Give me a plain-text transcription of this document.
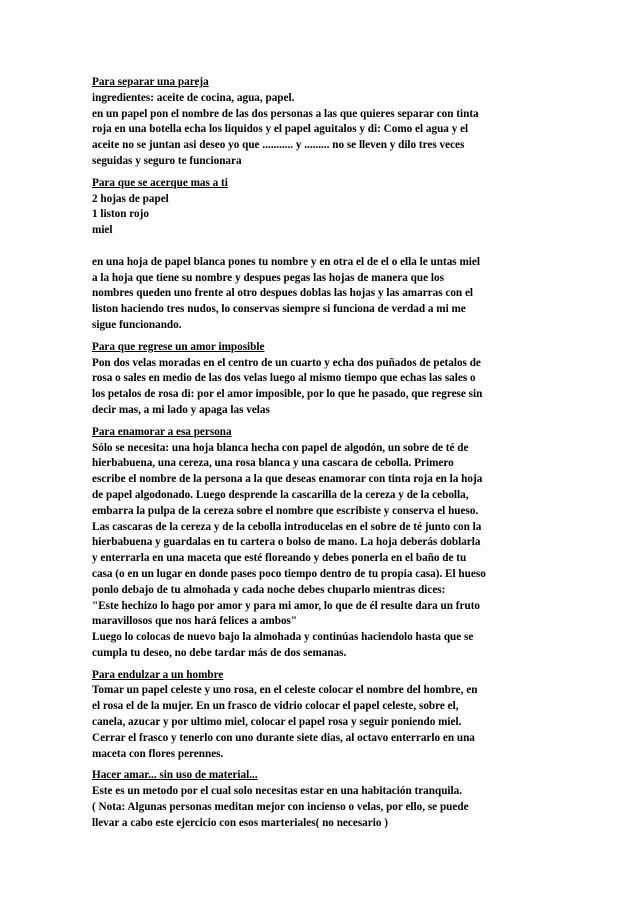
Para separar una pareja
ingredientes: aceite de cocina, agua, papel.
en un papel pon el nombre de las dos personas a las que quieres separar con tinta
roja en una botella echa los liquidos y el papel aguitalos y di: Como el agua y el
aceite no se juntan asi deseo yo que ........... y ......... no se lleven y dilo tres veces
seguidas y seguro te funcionara
Para que se acerque mas a ti
2 hojas de papel
1 liston rojo
miel
en una hoja de papel blanca pones tu nombre y en otra el de el o ella le untas miel
a la hoja que tiene su nombre y despues pegas las hojas de manera que los
nombres queden uno frente al otro despues doblas las hojas y las amarras con el
liston haciendo tres nudos, lo conservas siempre si funciona de verdad a mi me
sigue funcionando.
Para que regrese un amor imposible
Pon dos velas moradas en el centro de un cuarto y echa dos puñados de petalos de
rosa o sales en medio de las dos velas luego al mismo tiempo que echas las sales o
los petalos de rosa di: por el amor imposible, por lo que he pasado, que regrese sin
decir mas, a mi lado y apaga las velas
Para enamorar a esa persona
Sólo se necesita: una hoja blanca hecha con papel de algodón, un sobre de té de
hierbabuena, una cereza, una rosa blanca y una cascara de cebolla. Primero
escribe el nombre de la persona a la que deseas enamorar con tinta roja en la hoja
de papel algodonado. Luego desprende la cascarilla de la cereza y de la cebolla,
embarra la pulpa de la cereza sobre el nombre que escribiste y conserva el hueso.
Las cascaras de la cereza y de la cebolla introducelas en el sobre de té junto con la
hierbabuena y guardalas en tu cartera o bolso de mano. La hoja deberás doblarla
y enterrarla en una maceta que esté floreando y debes ponerla en el baño de tu
casa (o en un lugar en donde pases poco tiempo dentro de tu propia casa). El hueso
ponlo debajo de tu almohada y cada noche debes chuparlo mientras dices:
"Este hechizo lo hago por amor y para mi amor, lo que de él resulte dara un fruto
maravillosos que nos hará felices a ambos"
Luego lo colocas de nuevo bajo la almohada y continúas haciendolo hasta que se
cumpla tu deseo, no debe tardar más de dos semanas.
Para endulzar a un hombre
Tomar un papel celeste y uno rosa, en el celeste colocar el nombre del hombre, en
el rosa el de la mujer. En un frasco de vidrio colocar el papel celeste, sobre el,
canela, azucar y por ultimo miel, colocar el papel rosa y seguir poniendo miel.
Cerrar el frasco y tenerlo con uno durante siete dias, al octavo enterrarlo en una
maceta con flores perennes.
Hacer amar... sin uso de material...
Este es un metodo por el cual solo necesitas estar en una habitación tranquila.
( Nota: Algunas personas meditan mejor con incienso o velas, por ello, se puede
llevar a cabo este ejercicio con esos marteriales( no necesario )
